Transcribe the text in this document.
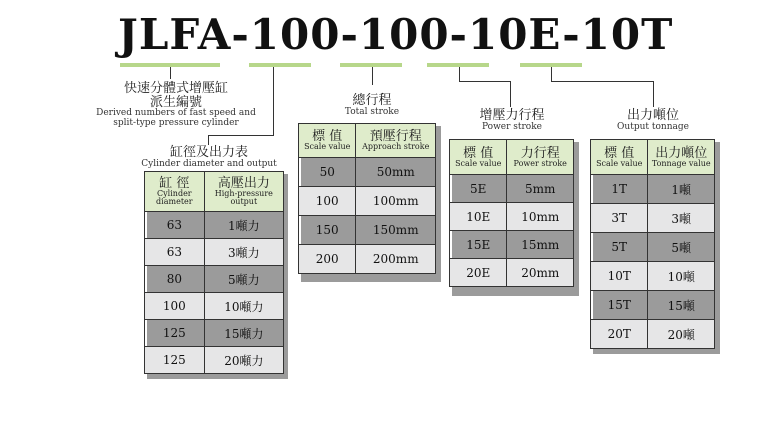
JLFA-100-100-10E-10T
快速分體式增壓缸
派生編號
Derived numbers of fast speed and
split-type pressure cylinder
缸徑及出力表
Cylinder diameter and output
總行程
Total stroke	增壓力行程
Power stroke
出力噸位
Output tonnage
缸 徑
Cylinder
diameter	高壓出力
High-pressure
output

63	1噸力
63	3噸力
80	5噸力
100	10噸力
125	15噸力
125	20噸力
標 值
Scale value	預壓行程
Approach stroke

50	50mm
100	100mm
150	150mm
200	200mm
標 值
Scale value	力行程
Power stroke

5E	5mm
10E	10mm
15E	15mm
20E	20mm
標 值
Scale value	出力噸位
Tonnage value

1T	1噸
3T	3噸
5T	5噸
10T	10噸
15T	15噸
20T	20噸
